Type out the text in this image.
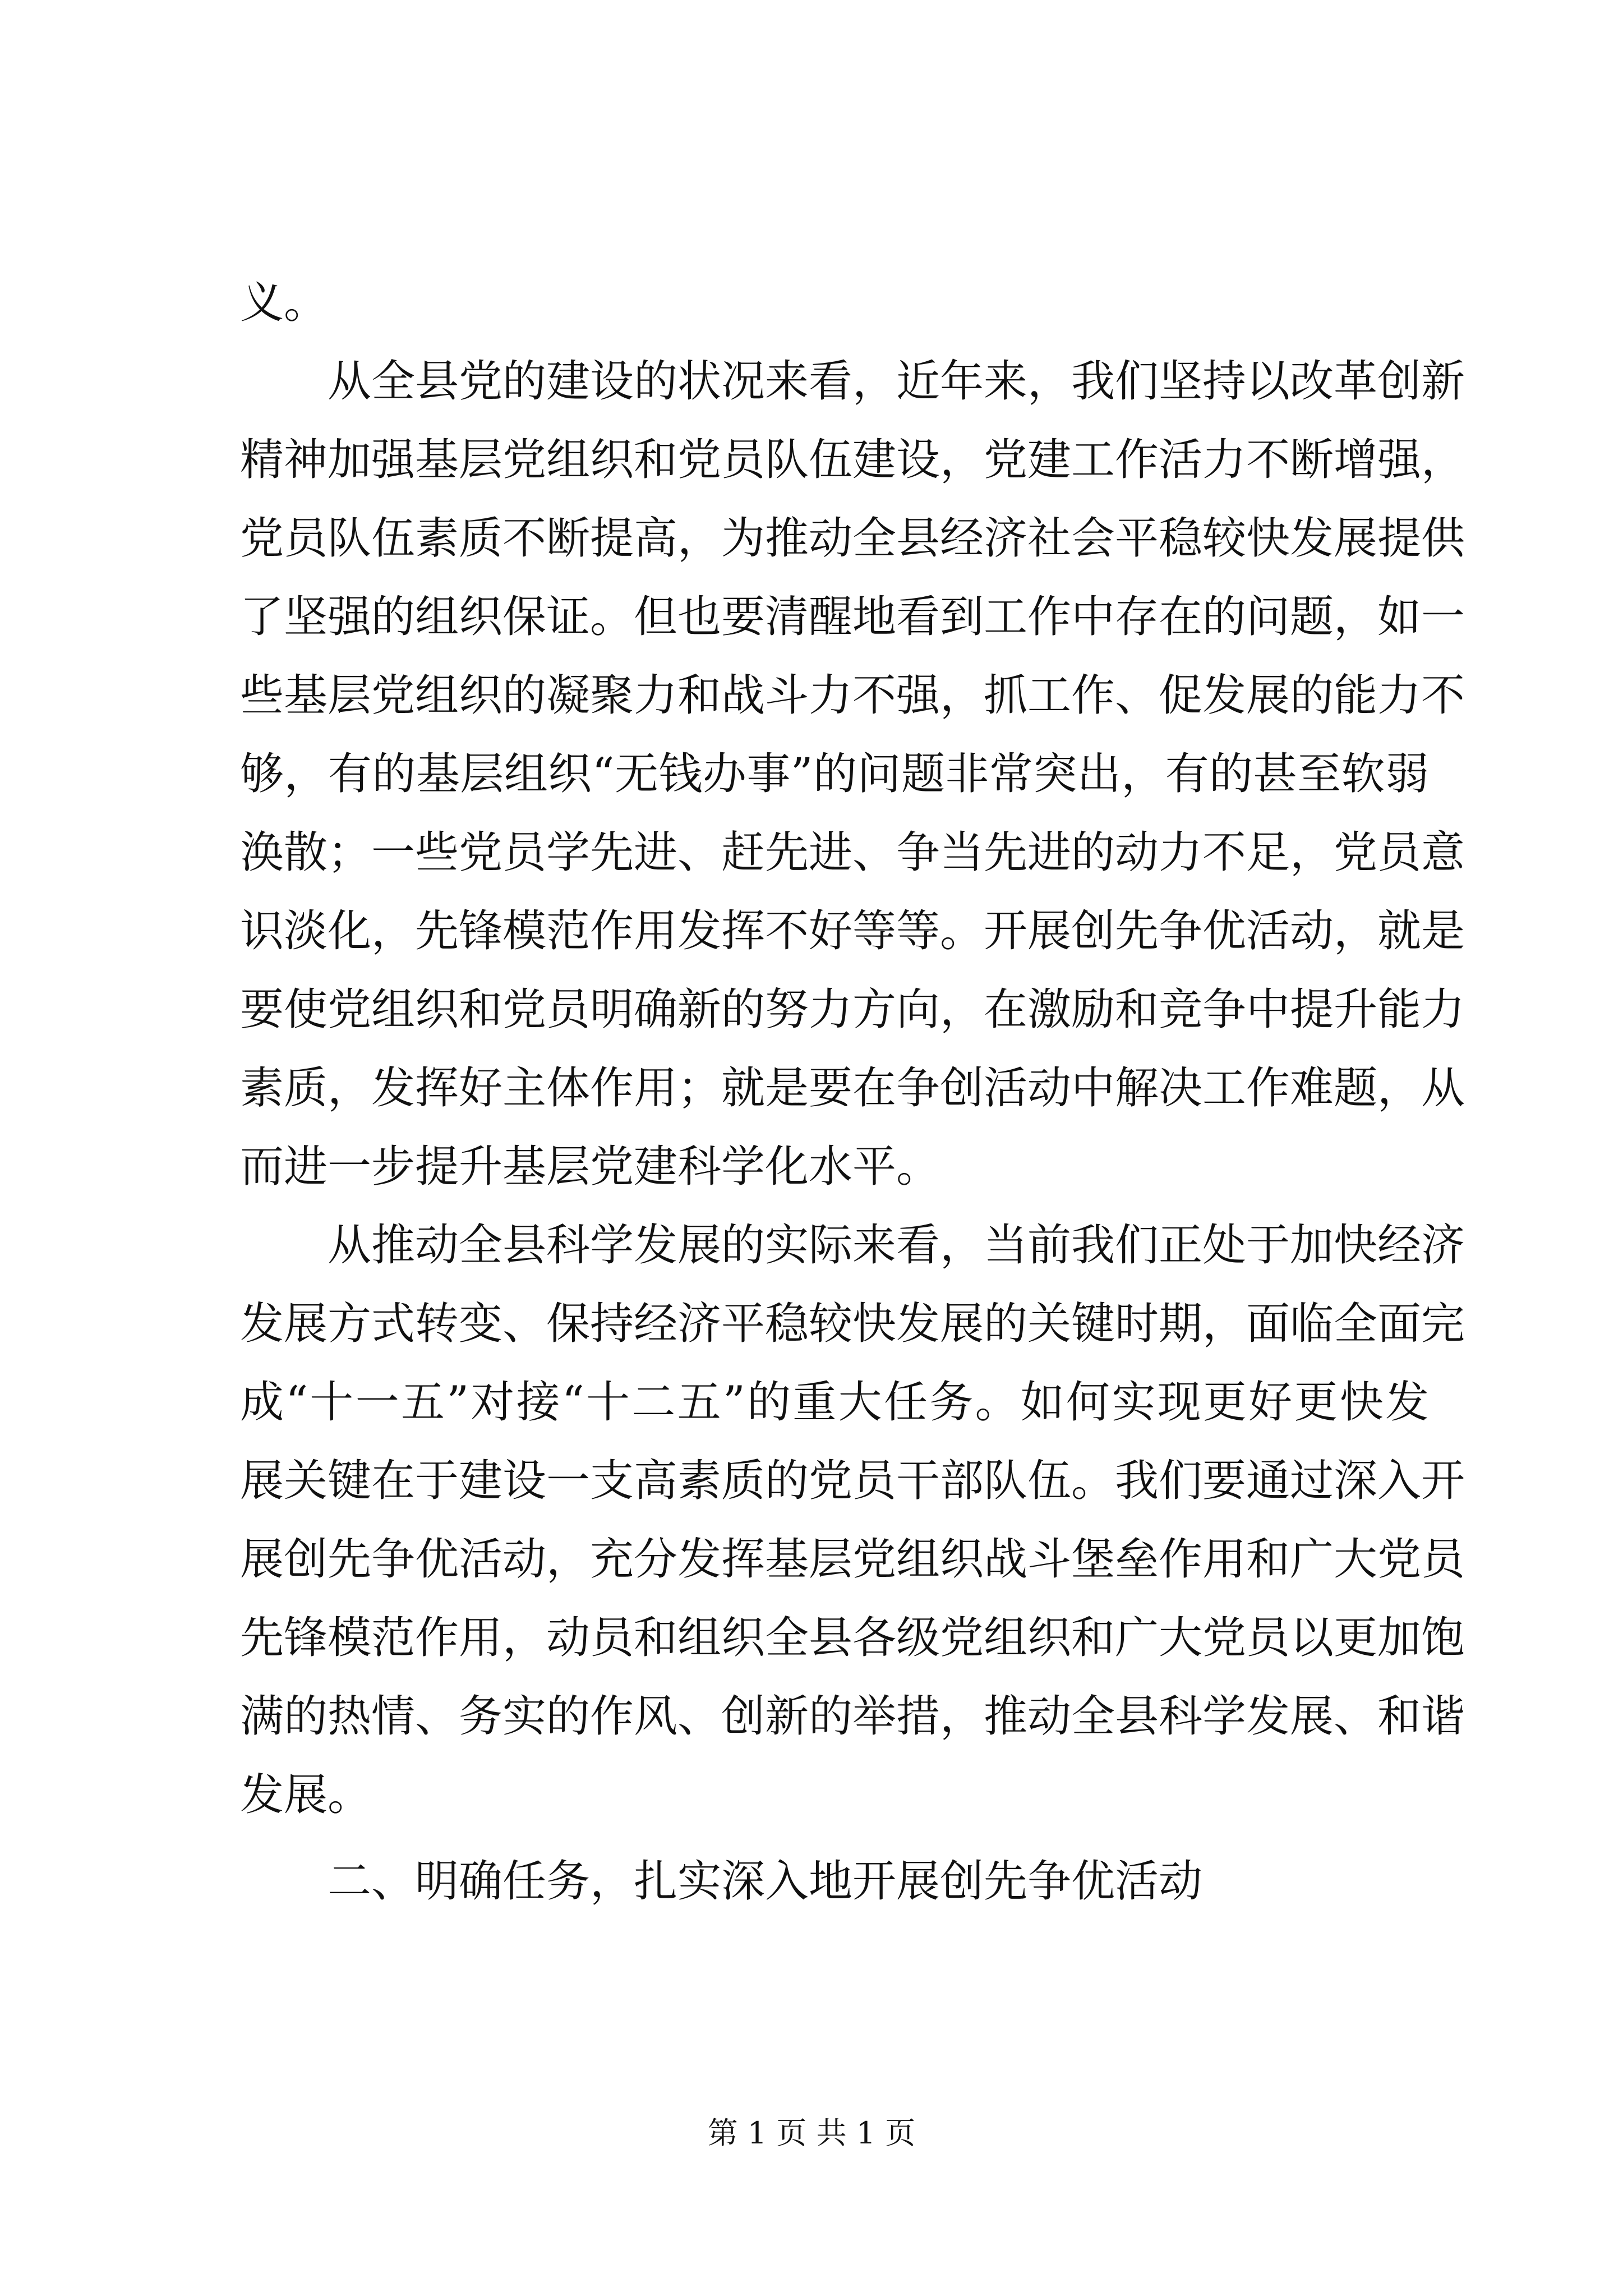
义。
从全县党的建设的状况来看，近年来，我们坚持以改革创新
精神加强基层党组织和党员队伍建设，党建工作活力不断增强，
党员队伍素质不断提高，为推动全县经济社会平稳较快发展提供
了坚强的组织保证。但也要清醒地看到工作中存在的问题，如一
些基层党组织的凝聚力和战斗力不强，抓工作、促发展的能力不
够，有的基层组织“无钱办事”的问题非常突出，有的甚至软弱
涣散；一些党员学先进、赶先进、争当先进的动力不足，党员意
识淡化，先锋模范作用发挥不好等等。开展创先争优活动，就是
要使党组织和党员明确新的努力方向，在激励和竞争中提升能力
素质，发挥好主体作用；就是要在争创活动中解决工作难题，从
而进一步提升基层党建科学化水平。
从推动全县科学发展的实际来看，当前我们正处于加快经济
发展方式转变、保持经济平稳较快发展的关键时期，面临全面完
成“十一五”对接“十二五”的重大任务。如何实现更好更快发
展关键在于建设一支高素质的党员干部队伍。我们要通过深入开
展创先争优活动，充分发挥基层党组织战斗堡垒作用和广大党员
先锋模范作用，动员和组织全县各级党组织和广大党员以更加饱
满的热情、务实的作风、创新的举措，推动全县科学发展、和谐
发展。
二、明确任务，扎实深入地开展创先争优活动
第 1 页 共 1 页
